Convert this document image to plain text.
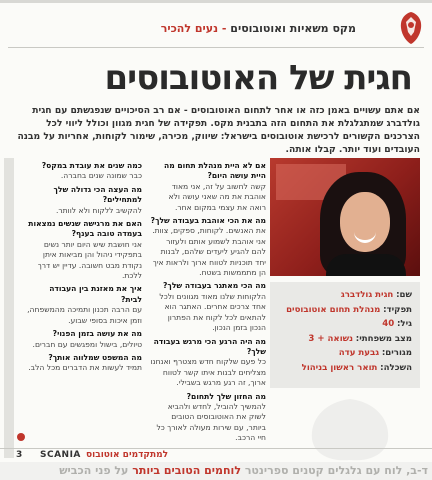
מקס משאיות ואוטובוסים - נעים להכיר
חגית של האוטובוסים
אם אתם עשויים באמן כזה או אחר לתחום האוטובוסים - אם רב הסיכויים שנפגשתם עם חגית גולדברג שמתגלגלת את התחום הזה בתבנית מקס. תפקידה של חגית מגוון וכולל ליווי לכל הצרכנים הקשורים לרכישת אוטובוסים בישראל: שיווק, מכירה, שימור לקוחות, אחריות על מבנה העובדים ועוד יותר. קבלו אותה.
שם: חגית גולדברג
תפקיד: מנהלת תחום אוטובוסים
גיל: 40
מצב משפחתי: נשואה + 3
מגורים: גבעת עדה
השכלה: תואר ראשון בניהול
אם לא היית מנהלת תחום מה היית עושה היום?
קשה לחשוב על זה, אני מאוד אוהבת את מה שאני עושה ולא רואה את עצמי במקום אחר.
מה את הכי אוהבת בעבודה שלך?
את האנשים. לקוחות, ספקים, צוות. אני אוהבת לשמוע אותם ולעזור להם להגיע ליעדים שלהם, לבנות יחד תוכניות לטווח ארוך ולראות איך הן מתממשות בשטח.
מה הכי מאתגר בעבודה שלך?
הלקוחות שלנו מאוד מגוונים ולכל אחד צרכים אחרים. האתגר הוא להתאים לכל לקוח את הפתרון הנכון בזמן הנכון.
מה היה הרגע הכי מרגש בעבודה שלך?
כל פעם שלקוח חדש מצטרף ואנחנו מצליחים לבנות איתו קשר לטווח ארוך, זה רגע מרגש בשבילי.
מה החזון שלך לתחום?
להמשיך להוביל, לחדש ולהביא לשוק את האוטובוסים הטובים ביותר, עם שירות מעולה לאורך כל חיי הרכב.
כמה שנים את עובדת במקס?
כבר שמונה שנים בחברה.
מה העצה הכי גדולה שלך למתחילים?
להקשיב ללקוח ולא לוותר.
האם את מרגישה שנשים נמצאות בעמדה טובה בענף?
אני חושבת שיש היום יותר נשים בתפקידי ניהול והן מביאות איתן נקודת מבט חשובה. עדיין יש דרך ללכת.
איך את מאזנת בין העבודה לבית?
עם הרבה תכנון ותמיכה מהמשפחה, וזמן איכות בסופי שבוע.
מה את עושה בזמן הפנוי?
טיולים, בישול ומפגשים עם חברים.
מה המשפט שמלווה אותך?
תמיד לעשות את הדברים מכל הלב.
3 SCANIA למתקדמים אוטובוס
ד-ב, לוח עם גלגלים קטנים ספרינטר לוחמים הטובים ביותר על פני הכביש
